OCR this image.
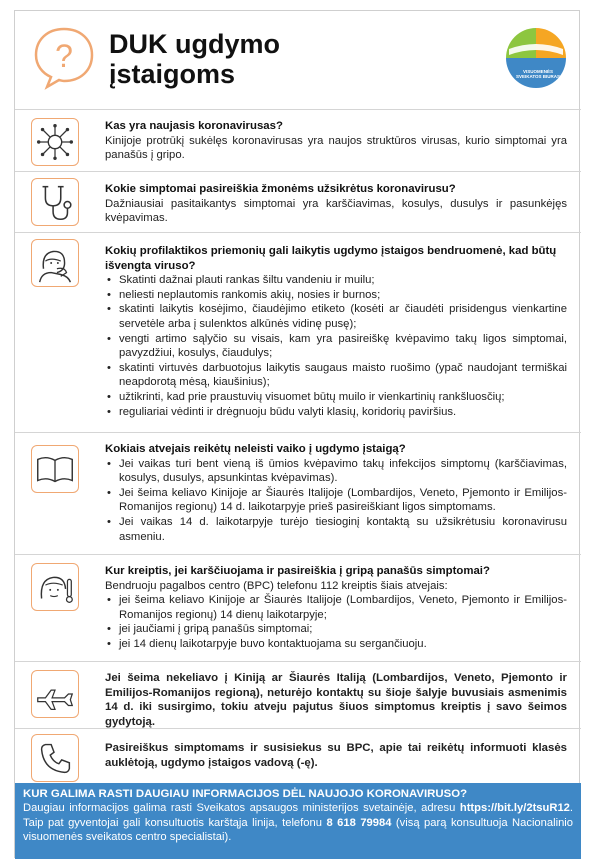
? DUK ugdymo
įstaigoms	VISUOMENĖS SVEIKATOS BIURAS
Kas yra naujasis koronavirusas?

Kinijoje protrūkį sukėlęs koronavirusas yra naujos struktūros virusas, kurio simptomai yra panašūs į gripo.

Kokie simptomai pasireiškia žmonėms užsikrėtus koronavirusu?

Dažniausiai pasitaikantys simptomai yra karščiavimas, kosulys, dusulys ir pasunkėjęs kvėpavimas.

Kokių profilaktikos priemonių gali laikytis ugdymo įstaigos bendruomenė, kad būtų išvengta viruso?
• Skatinti dažnai plauti rankas šiltu vandeniu ir muilu;
• neliesti neplautomis rankomis akių, nosies ir burnos;
• skatinti laikytis kosėjimo, čiaudėjimo etiketo (kosėti ar čiaudėti prisidengus vienkartine servetėle arba į sulenktos alkūnės vidinę pusę);
• vengti artimo sąlyčio su visais, kam yra pasireiškę kvėpavimo takų ligos simptomai, pavyzdžiui, kosulys, čiaudulys;
• skatinti virtuvės darbuotojus laikytis saugaus maisto ruošimo (ypač naudojant termiškai neapdorotą mėsą, kiaušinius);
• užtikrinti, kad prie praustuvių visuomet būtų muilo ir vienkartinių rankšluosčių;
• reguliariai vėdinti ir drėgnuoju būdu valyti klasių, koridorių paviršius.
Kokiais atvejais reikėtų neleisti vaiko į ugdymo įstaigą?
• Jei vaikas turi bent vieną iš ūmios kvėpavimo takų infekcijos simptomų (karščiavimas, kosulys, dusulys, apsunkintas kvėpavimas).
• Jei šeima keliavo Kinijoje ar Šiaurės Italijoje (Lombardijos, Veneto, Pjemonto ir Emilijos-Romanijos regionų) 14 d. laikotarpyje prieš pasireiškiant ligos simptomams.
• Jei vaikas 14 d. laikotarpyje turėjo tiesioginį kontaktą su užsikrėtusiu koronavirusu asmeniu.
Kur kreiptis, jei karščiuojama ir pasireiškia į gripą panašūs simptomai?

Bendruoju pagalbos centro (BPC) telefonu 112 kreiptis šiais atvejais:

• jei šeima keliavo Kinijoje ar Šiaurės Italijoje (Lombardijos, Veneto, Pjemonto ir Emilijos-Romanijos regionų) 14 dienų laikotarpyje;
• jei jaučiami į gripą panašūs simptomai;
• jei 14 dienų laikotarpyje buvo kontaktuojama su sergančiuoju.

Jei šeima nekeliavo į Kiniją ar Šiaurės Italiją (Lombardijos, Veneto, Pjemonto ir Emilijos-Romanijos regioną), neturėjo kontaktų su šioje šalyje buvusiais asmenimis 14 d. iki susirgimo, tokiu atveju pajutus šiuos simptomus kreiptis į savo šeimos gydytoją.

Pasireiškus simptomams ir susisiekus su BPC, apie tai reikėtų informuoti klasės auklėtoją, ugdymo įstaigos vadovą (-ę).

KUR GALIMA RASTI DAUGIAU INFORMACIJOS DĖL NAUJOJO KORONAVIRUSO?

Daugiau informacijos galima rasti Sveikatos apsaugos ministerijos svetainėje, adresu https://bit.ly/2tsuR12. Taip pat gyventojai gali konsultuotis karštąja linija, telefonu 8 618 79984 (visą parą konsultuoja Nacionalinio visuomenės sveikatos centro specialistai).
